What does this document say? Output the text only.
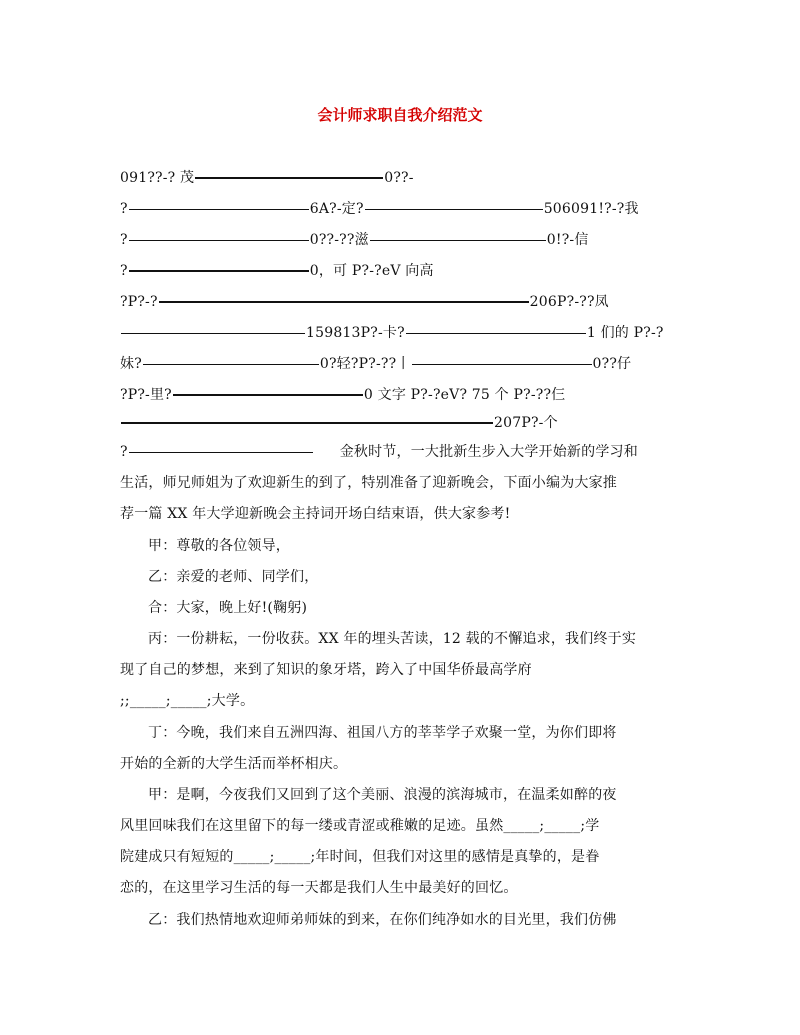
会计师求职自我介绍范文
091??-? 茂	0??-
?	6A?-定?	506091!?-?我
?	0??-??滋	0!?-信
?	0，可 P?-?eV 向高
?P?-?	206P?-??凤
159813P?-卡?	1 们的 P?-?
妹?	0?轻?P?-??丨	0??仔
?P?-里?	0 文字 P?-?eV? 75 个 P?-??仨
207P?-个
?	金秋时节，一大批新生步入大学开始新的学习和
生活，师兄师姐为了欢迎新生的到了，特别准备了迎新晚会，下面小编为大家推
荐一篇 XX 年大学迎新晚会主持词开场白结束语，供大家参考!
甲：尊敬的各位领导，
乙：亲爱的老师、同学们，
合：大家，晚上好!(鞠躬)
丙：一份耕耘，一份收获。XX 年的埋头苦读，12 载的不懈追求，我们终于实
现了自己的梦想，来到了知识的象牙塔，跨入了中国华侨最高学府
;;_____;_____;大学。
丁：今晚，我们来自五洲四海、祖国八方的莘莘学子欢聚一堂，为你们即将
开始的全新的大学生活而举杯相庆。
甲：是啊，今夜我们又回到了这个美丽、浪漫的滨海城市，在温柔如醉的夜
风里回味我们在这里留下的每一缕或青涩或稚嫩的足迹。虽然_____;_____;学
院建成只有短短的_____;_____;年时间，但我们对这里的感情是真挚的，是眷
恋的，在这里学习生活的每一天都是我们人生中最美好的回忆。
乙：我们热情地欢迎师弟师妹的到来，在你们纯净如水的目光里，我们仿佛
